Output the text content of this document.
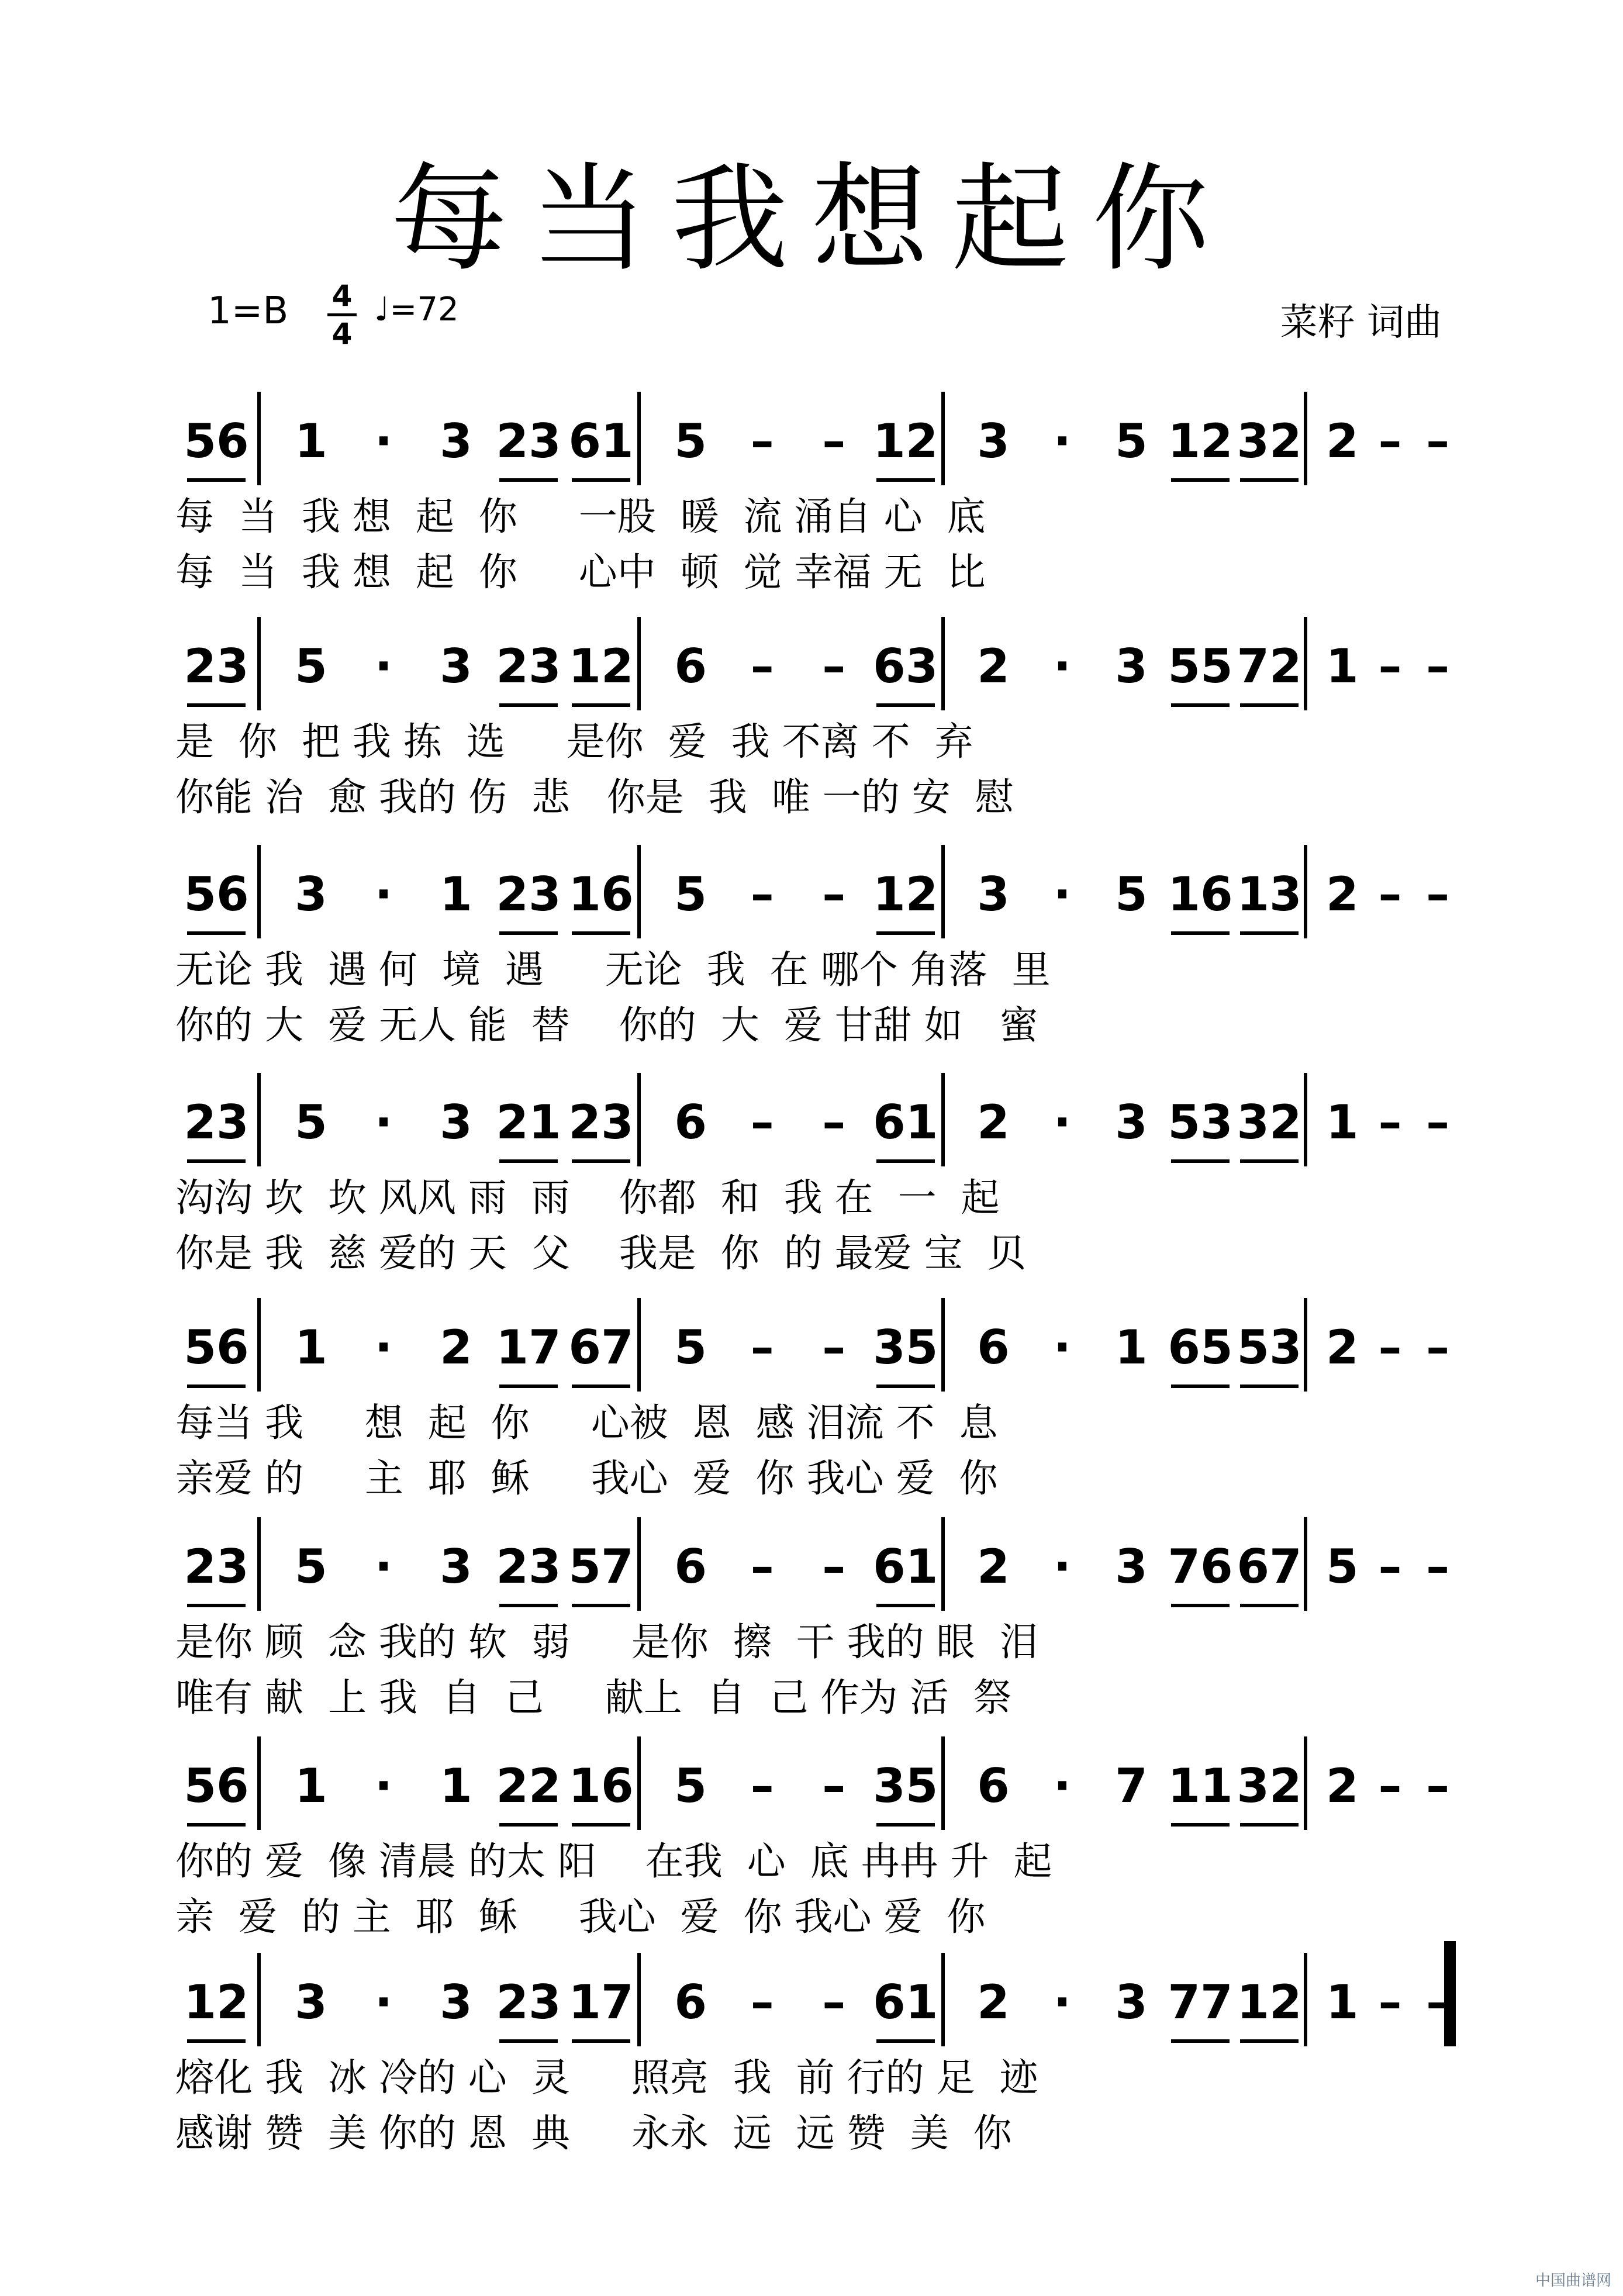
每当我想起你
1=B 4
4
♩=72	菜籽 词曲
56 1 · 3 23 61 5 – – 12 3 · 5 12 32 2 – –
每  当  我 想  起  你     一股  暖  流 涌自 心  底
每  当  我 想  起  你     心中  顿  觉 幸福 无  比
23 5 · 3 23 12 6 – – 63 2 · 3 55 72 1 – –
是  你  把 我 拣  选     是你  爱  我 不离 不  弃
你能 治  愈 我的 伤  悲   你是  我  唯 一的 安  慰
56 3 · 1 23 16 5 – – 12 3 · 5 16 13 2 – –
无论 我  遇 何  境  遇     无论  我  在 哪个 角落  里
你的 大  爱 无人 能  替    你的  大  爱 甘甜 如   蜜
23 5 · 3 21 23 6 – – 61 2 · 3 53 32 1 – –
沟沟 坎  坎 风风 雨  雨    你都  和  我 在  一  起
你是 我  慈 爱的 天  父    我是  你  的 最爱 宝  贝
56 1 · 2 17 67 5 – – 35 6 · 1 65 53 2 – –
每当 我     想  起  你     心被  恩  感 泪流 不  息
亲爱 的     主  耶  稣     我心  爱  你 我心 爱  你
23 5 · 3 23 57 6 – – 61 2 · 3 76 67 5 – –
是你 顾  念 我的 软  弱     是你  擦  干 我的 眼  泪
唯有 献  上 我  自  己     献上  自  己 作为 活  祭
56 1 · 1 22 16 5 – – 35 6 · 7 11 32 2 – –
你的 爱  像 清晨 的太 阳    在我  心  底 冉冉 升  起
亲  爱  的 主  耶  稣     我心  爱  你 我心 爱  你
12 3 · 3 23 17 6 – – 61 2 · 3 77 12 1 – –
熔化 我  冰 冷的 心  灵     照亮  我  前 行的 足  迹
感谢 赞  美 你的 恩  典     永永  远  远 赞  美  你
中国曲谱网
